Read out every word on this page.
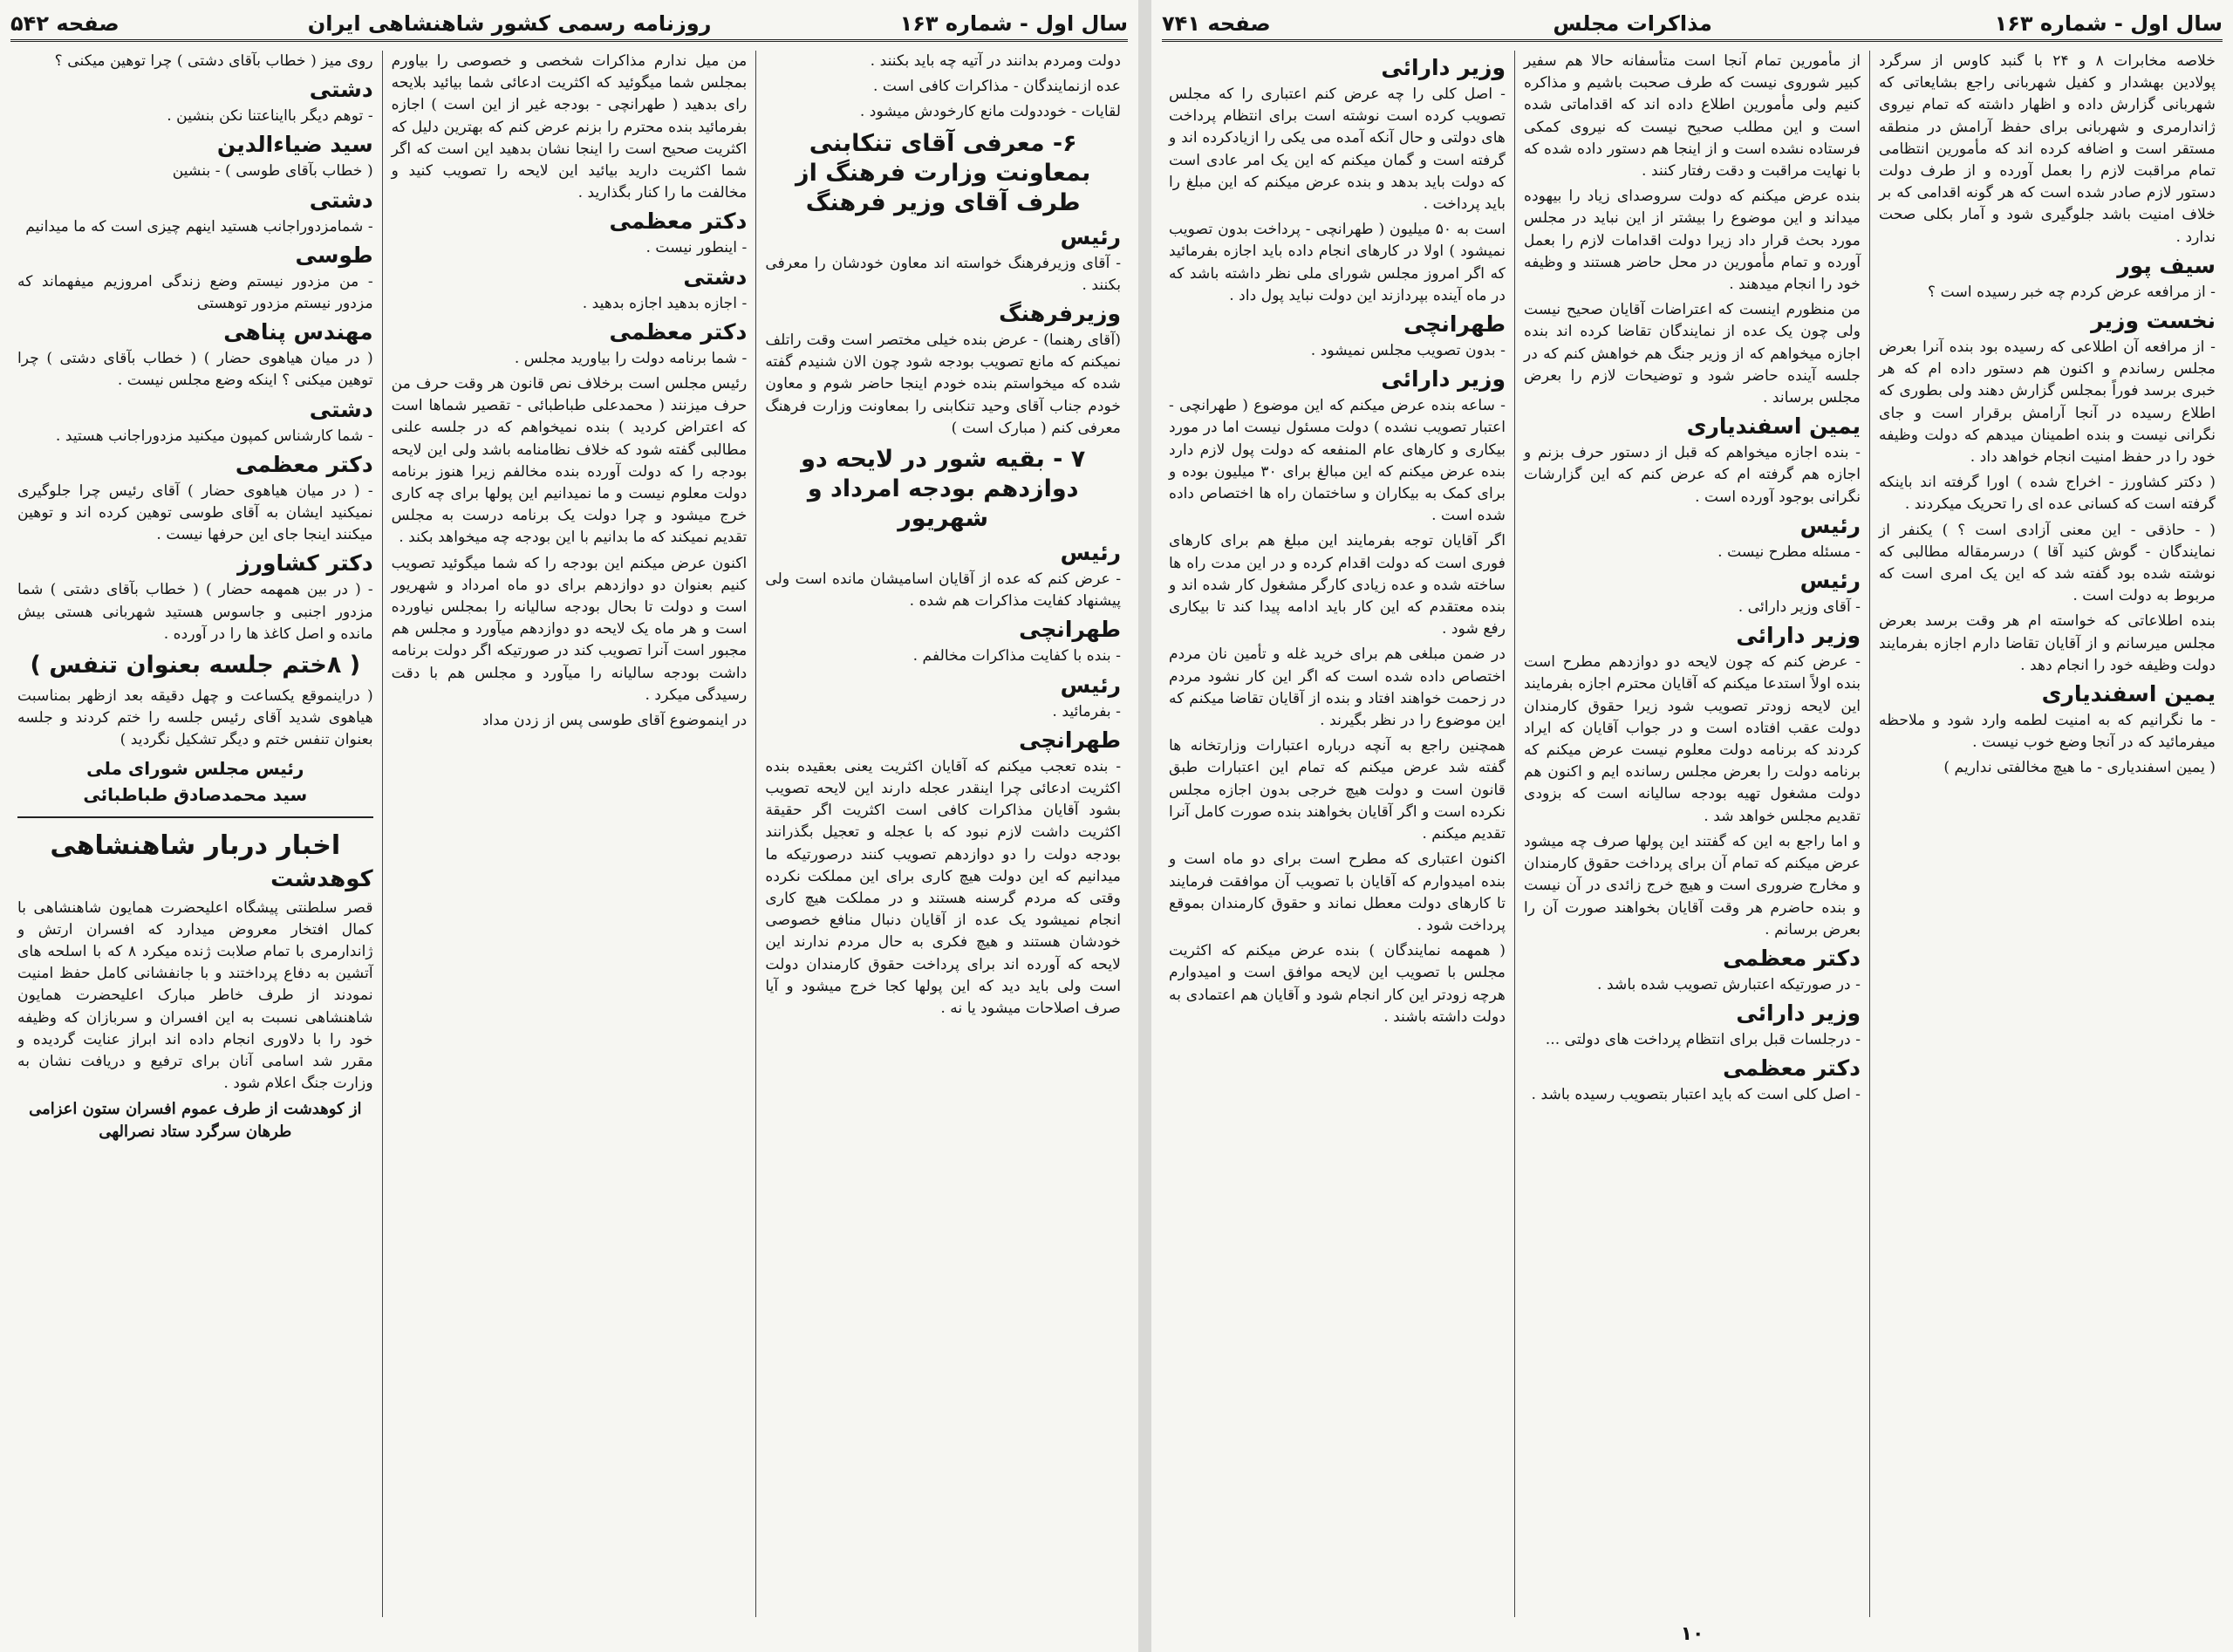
سال اول - شماره ۱۶۳
روزنامه رسمی کشور شاهنشاهی ایران
صفحه ۵۴۲

دولت ومردم بدانند در آتیه چه باید بکنند .

عده ازنمایندگان - مذاکرات کافی است .

لقایات - خوددولت مانع کارخودش میشود .

۶- معرفی آقای تنکابنی بمعاونت وزارت فرهنگ از طرف آقای وزیر فرهنگ
رئیس

- آقای وزیرفرهنگ خواسته اند معاون خودشان را معرفی بکنند .

وزیرفرهنگ

(آقای رهنما) - عرض بنده خیلی مختصر است وقت راتلف نمیکنم که مانع تصویب بودجه شود چون الان شنیدم گفته شده که میخواستم بنده خودم اینجا حاضر شوم و معاون خودم جناب آقای وحید تنکابنی را بمعاونت وزارت فرهنگ معرفی کنم ( مبارک است )

۷ - بقیه شور در لایحه دو دوازدهم بودجه امرداد و شهریور
رئیس

- عرض کنم که عده از آقایان اسامیشان مانده است ولی پیشنهاد کفایت مذاکرات هم شده .

طهرانچی

- بنده با کفایت مذاکرات مخالفم .

رئیس

- بفرمائید .

طهرانچی

- بنده تعجب میکنم که آقایان اکثریت یعنی بعقیده بنده اکثریت ادعائی چرا اینقدر عجله دارند این لایحه تصویب بشود آقایان مذاکرات کافی است اکثریت اگر حقیقة اکثریت داشت لازم نبود که با عجله و تعجیل بگذرانند بودجه دولت را دو دوازدهم تصویب کنند درصورتیکه ما میدانیم که این دولت هیچ کاری برای این مملکت نکرده وقتی که مردم گرسنه هستند و در مملکت هیچ کاری انجام نمیشود یک عده از آقایان دنبال منافع خصوصی خودشان هستند و هیچ فکری به حال مردم ندارند این لایحه که آورده اند برای پرداخت حقوق کارمندان دولت است ولی باید دید که این پولها کجا خرج میشود و آیا صرف اصلاحات میشود یا نه .

من میل ندارم مذاکرات شخصی و خصوصی را بیاورم بمجلس شما میگوئید که اکثریت ادعائی شما بیائید بلایحه رای بدهید ( طهرانچی - بودجه غیر از این است ) اجازه بفرمائید بنده محترم را بزنم عرض کنم که بهترین دلیل که اکثریت صحیح است را اینجا نشان بدهید این است که اگر شما اکثریت دارید بیائید این لایحه را تصویب کنید و مخالفت ما را کنار بگذارید .

دکتر معظمی

- اینطور نیست .

دشتی

- اجازه بدهید اجازه بدهید .

دکتر معظمی

- شما برنامه دولت را بیاورید مجلس .

رئیس مجلس است برخلاف نص قانون هر وقت حرف من حرف میزنند ( محمدعلی طباطبائی - تقصیر شماها است که اعتراض کردید ) بنده نمیخواهم که در جلسه علنی مطالبی گفته شود که خلاف نظامنامه باشد ولی این لایحه بودجه را که دولت آورده بنده مخالفم زیرا هنوز برنامه دولت معلوم نیست و ما نمیدانیم این پولها برای چه کاری خرج میشود و چرا دولت یک برنامه درست به مجلس تقدیم نمیکند که ما بدانیم با این بودجه چه میخواهد بکند .

اکنون عرض میکنم این بودجه را که شما میگوئید تصویب کنیم بعنوان دو دوازدهم برای دو ماه امرداد و شهریور است و دولت تا بحال بودجه سالیانه را بمجلس نیاورده است و هر ماه یک لایحه دو دوازدهم میآورد و مجلس هم مجبور است آنرا تصویب کند در صورتیکه اگر دولت برنامه داشت بودجه سالیانه را میآورد و مجلس هم با دقت رسیدگی میکرد .

در اینموضوع آقای طوسی پس از زدن مداد

روی میز ( خطاب بآقای دشتی ) چرا توهین میکنی ؟

دشتی

- توهم دیگر باایناعتنا نکن بنشین .

سید ضیاءالدین

( خطاب بآقای طوسی ) - بنشین

دشتی

- شمامزدوراجانب هستید اینهم چیزی است که ما میدانیم

طوسی

- من مزدور نیستم وضع زندگی امروزیم میفهماند که مزدور نیستم مزدور توهستی

مهندس پناهی

( در میان هیاهوی حضار ) ( خطاب بآقای دشتی ) چرا توهین میکنی ؟ اینکه وضع مجلس نیست .

دشتی

- شما کارشناس کمپون میکنید مزدوراجانب هستید .

دکتر معظمی

- ( در میان هیاهوی حضار ) آقای رئیس چرا جلوگیری نمیکنید ایشان به آقای طوسی توهین کرده اند و توهین میکنند اینجا جای این حرفها نیست .

دکتر کشاورز

- ( در بین همهمه حضار ) ( خطاب بآقای دشتی ) شما مزدور اجنبی و جاسوس هستید شهربانی هستی بیش مانده و اصل کاغذ ها را در آورده .

( ۸ختم جلسه بعنوان تنفس )

( دراینموقع یکساعت و چهل دقیقه بعد ازظهر بمناسبت هیاهوی شدید آقای رئیس جلسه را ختم کردند و جلسه بعنوان تنفس ختم و دیگر تشکیل نگردید )

رئیس مجلس شورای ملی
سید محمدصادق طباطبائی
اخبار دربار شاهنشاهی
کوهدشت

قصر سلطنتی پیشگاه اعلیحضرت همایون شاهنشاهی با کمال افتخار معروض میدارد که افسران ارتش و ژاندارمری با تمام صلابت ژنده میکرد ۸ که با اسلحه های آتشین به دفاع پرداختند و با جانفشانی کامل حفظ امنیت نمودند از طرف خاطر مبارک اعلیحضرت همایون شاهنشاهی نسبت به این افسران و سربازان که وظیفه خود را با دلاوری انجام داده اند ابراز عنایت گردیده و مقرر شد اسامی آنان برای ترفیع و دریافت نشان به وزارت جنگ اعلام شود .

از کوهدشت از طرف عموم افسران ستون اعزامی طرهان سرگرد ستاد نصرالهی

سال اول - شماره ۱۶۳
مذاکرات مجلس
صفحه ۷۴۱

خلاصه مخابرات ۸ و ۲۴ با گنبد کاوس از سرگرد پولادین بهشدار و کفیل شهربانی راجع بشایعاتی که شهربانی گزارش داده و اظهار داشته که تمام نیروی ژاندارمری و شهربانی برای حفظ آرامش در منطقه مستقر است و اضافه کرده اند که مأمورین انتظامی تمام مراقبت لازم را بعمل آورده و از طرف دولت دستور لازم صادر شده است که هر گونه اقدامی که بر خلاف امنیت باشد جلوگیری شود و آمار بکلی صحت ندارد .

سیف پور

- از مرافعه عرض کردم چه خبر رسیده است ؟

نخست وزیر

- از مرافعه آن اطلاعی که رسیده بود بنده آنرا بعرض مجلس رساندم و اکنون هم دستور داده ام که هر خبری برسد فوراً بمجلس گزارش دهند ولی بطوری که اطلاع رسیده در آنجا آرامش برقرار است و جای نگرانی نیست و بنده اطمینان میدهم که دولت وظیفه خود را در حفظ امنیت انجام خواهد داد .

( دکتر کشاورز - اخراج شده ) اورا گرفته اند باینکه گرفته است که کسانی عده ای را تحریک میکردند .

( - حاذقی - این معنی آزادی است ؟ ) یکنفر از نمایندگان - گوش کنید آقا ) درسرمقاله مطالبی که نوشته شده بود گفته شد که این یک امری است که مربوط به دولت است .

بنده اطلاعاتی که خواسته ام هر وقت برسد بعرض مجلس میرسانم و از آقایان تقاضا دارم اجازه بفرمایند دولت وظیفه خود را انجام دهد .

یمین اسفندیاری

- ما نگرانیم که به امنیت لطمه وارد شود و ملاحظه میفرمائید که در آنجا وضع خوب نیست .

( یمین اسفندیاری - ما هیچ مخالفتی نداریم )

از مأمورین تمام آنجا است متأسفانه حالا هم سفیر کبیر شوروی نیست که طرف صحبت باشیم و مذاکره کنیم ولی مأمورین اطلاع داده اند که اقداماتی شده است و این مطلب صحیح نیست که نیروی کمکی فرستاده نشده است و از اینجا هم دستور داده شده که با نهایت مراقبت و دقت رفتار کنند .

بنده عرض میکنم که دولت سروصدای زیاد را بیهوده میداند و این موضوع را بیشتر از این نباید در مجلس مورد بحث قرار داد زیرا دولت اقدامات لازم را بعمل آورده و تمام مأمورین در محل حاضر هستند و وظیفه خود را انجام میدهند .

من منظورم اینست که اعتراضات آقایان صحیح نیست ولی چون یک عده از نمایندگان تقاضا کرده اند بنده اجازه میخواهم که از وزیر جنگ هم خواهش کنم که در جلسه آینده حاضر شود و توضیحات لازم را بعرض مجلس برساند .

یمین اسفندیاری

- بنده اجازه میخواهم که قبل از دستور حرف بزنم و اجازه هم گرفته ام که عرض کنم که این گزارشات نگرانی بوجود آورده است .

رئیس

- مسئله مطرح نیست .

رئیس

- آقای وزیر دارائی .

وزیر دارائی

- عرض کنم که چون لایحه دو دوازدهم مطرح است بنده اولاً استدعا میکنم که آقایان محترم اجازه بفرمایند این لایحه زودتر تصویب شود زیرا حقوق کارمندان دولت عقب افتاده است و در جواب آقایان که ایراد کردند که برنامه دولت معلوم نیست عرض میکنم که برنامه دولت را بعرض مجلس رسانده ایم و اکنون هم دولت مشغول تهیه بودجه سالیانه است که بزودی تقدیم مجلس خواهد شد .

و اما راجع به این که گفتند این پولها صرف چه میشود عرض میکنم که تمام آن برای پرداخت حقوق کارمندان و مخارج ضروری است و هیچ خرج زائدی در آن نیست و بنده حاضرم هر وقت آقایان بخواهند صورت آن را بعرض برسانم .

دکتر معظمی

- در صورتیکه اعتبارش تصویب شده باشد .

وزیر دارائی

- درجلسات قبل برای انتظام پرداخت های دولتی ...

دکتر معظمی

- اصل کلی است که باید اعتبار بتصویب رسیده باشد .

وزیر دارائی

- اصل کلی را چه عرض کنم اعتباری را که مجلس تصویب کرده است نوشته است برای انتظام پرداخت های دولتی و حال آنکه آمده می یکی را ازیادکرده اند و گرفته است و گمان میکنم که این یک امر عادی است که دولت باید بدهد و بنده عرض میکنم که این مبلغ را باید پرداخت .

است به ۵۰ میلیون ( طهرانچی - پرداخت بدون تصویب نمیشود ) اولا در کارهای انجام داده باید اجازه بفرمائید که اگر امروز مجلس شورای ملی نظر داشته باشد که در ماه آینده بپردازند این دولت نباید پول داد .

طهرانچی

- بدون تصویب مجلس نمیشود .

وزیر دارائی

- ساعه بنده عرض میکنم که این موضوع ( طهرانچی - اعتبار تصویب نشده ) دولت مسئول نیست اما در مورد بیکاری و کارهای عام المنفعه که دولت پول لازم دارد بنده عرض میکنم که این مبالغ برای ۳۰ میلیون بوده و برای کمک به بیکاران و ساختمان راه ها اختصاص داده شده است .

اگر آقایان توجه بفرمایند این مبلغ هم برای کارهای فوری است که دولت اقدام کرده و در این مدت راه ها ساخته شده و عده زیادی کارگر مشغول کار شده اند و بنده معتقدم که این کار باید ادامه پیدا کند تا بیکاری رفع شود .

در ضمن مبلغی هم برای خرید غله و تأمین نان مردم اختصاص داده شده است که اگر این کار نشود مردم در زحمت خواهند افتاد و بنده از آقایان تقاضا میکنم که این موضوع را در نظر بگیرند .

همچنین راجع به آنچه درباره اعتبارات وزارتخانه ها گفته شد عرض میکنم که تمام این اعتبارات طبق قانون است و دولت هیچ خرجی بدون اجازه مجلس نکرده است و اگر آقایان بخواهند بنده صورت کامل آنرا تقدیم میکنم .

اکنون اعتباری که مطرح است برای دو ماه است و بنده امیدوارم که آقایان با تصویب آن موافقت فرمایند تا کارهای دولت معطل نماند و حقوق کارمندان بموقع پرداخت شود .

( همهمه نمایندگان ) بنده عرض میکنم که اکثریت مجلس با تصویب این لایحه موافق است و امیدوارم هرچه زودتر این کار انجام شود و آقایان هم اعتمادی به دولت داشته باشند .

۱۰
